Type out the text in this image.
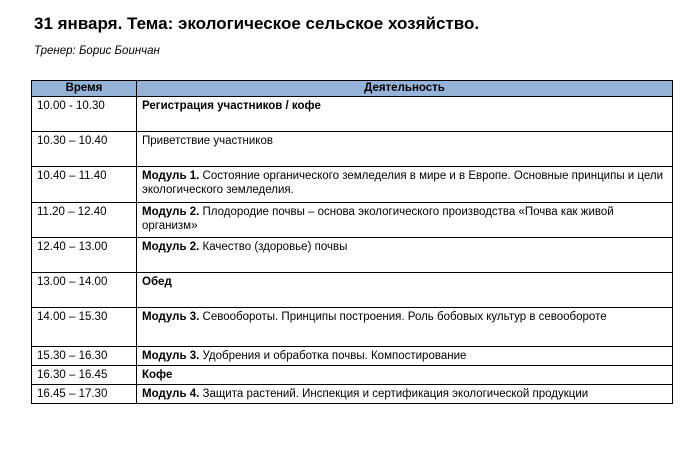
31 января. Тема: экологическое сельское хозяйство.
Тренер: Борис Боинчан
Время	Деятельность
10.00 - 10.30	Регистрация участников / кофе
10.30 – 10.40	Приветствие участников
10.40 – 11.40	Модуль 1. Состояние органического земледелия в мире и в Европе. Основные принципы и цели экологического земледелия.
11.20 – 12.40	Модуль 2. Плодородие почвы – основа экологического производства «Почва как живой организм»
12.40 – 13.00	Модуль 2. Качество (здоровье) почвы
13.00 – 14.00	Обед
14.00 – 15.30	Модуль 3. Севообороты. Принципы построения. Роль бобовых культур в севообороте
15.30 – 16.30	Модуль 3. Удобрения и обработка почвы. Компостирование
16.30 – 16.45	Кофе
16.45 – 17.30	Модуль 4. Защита растений. Инспекция и сертификация экологической продукции
